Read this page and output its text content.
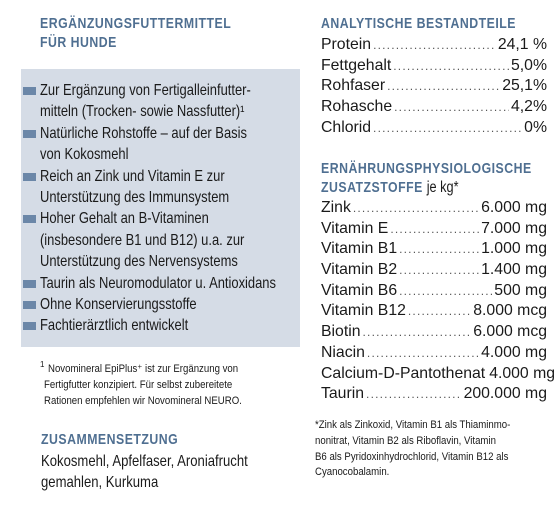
ERGÄNZUNGSFUTTERMITTEL
FÜR HUNDE
Zur Ergänzung von Fertigalleinfutter-
mitteln (Trocken- sowie Nassfutter)¹
Natürliche Rohstoffe – auf der Basis
von Kokosmehl
Reich an Zink und Vitamin E zur
Unterstützung des Immunsystem
Hoher Gehalt an B-Vitaminen
(insbesondere B1 und B12) u.a. zur
Unterstützung des Nervensystems
Taurin als Neuromodulator u. Antioxidans
Ohne Konservierungsstoffe
Fachtierärztlich entwickelt
$^1$ Novomineral EpiPlus⁺ ist zur Ergänzung von
Fertigfutter konzipiert. Für selbst zubereitete
Rationen empfehlen wir Novomineral NEURO.
ZUSAMMENSETZUNG
Kokosmehl, Apfelfaser, Aroniafrucht
gemahlen, Kurkuma
ANALYTISCHE BESTANDTEILE
Protein .....	24,1 %
Fettgehalt .....	5,0%
Rohfaser .....	25,1%
Rohasche .....	4,2%
Chlorid .....	0%
ERNÄHRUNGSPHYSIOLOGISCHE
ZUSATZSTOFFE je kg*
Zink .....	6.000 mg
Vitamin E .....	7.000 mg
Vitamin B1 .....	1.000 mg
Vitamin B2 .....	1.400 mg
Vitamin B6 .....	500 mg
Vitamin B12 .....	8.000 mcg
Biotin .....	6.000 mcg
Niacin .....	4.000 mg
Calcium-D-Pantothenat 4.000 mg
Taurin .....	200.000 mg
*Zink als Zinkoxid, Vitamin B1 als Thiaminmo-
nonitrat, Vitamin B2 als Riboflavin, Vitamin
B6 als Pyridoxinhydrochlorid, Vitamin B12 als
Cyanocobalamin.
